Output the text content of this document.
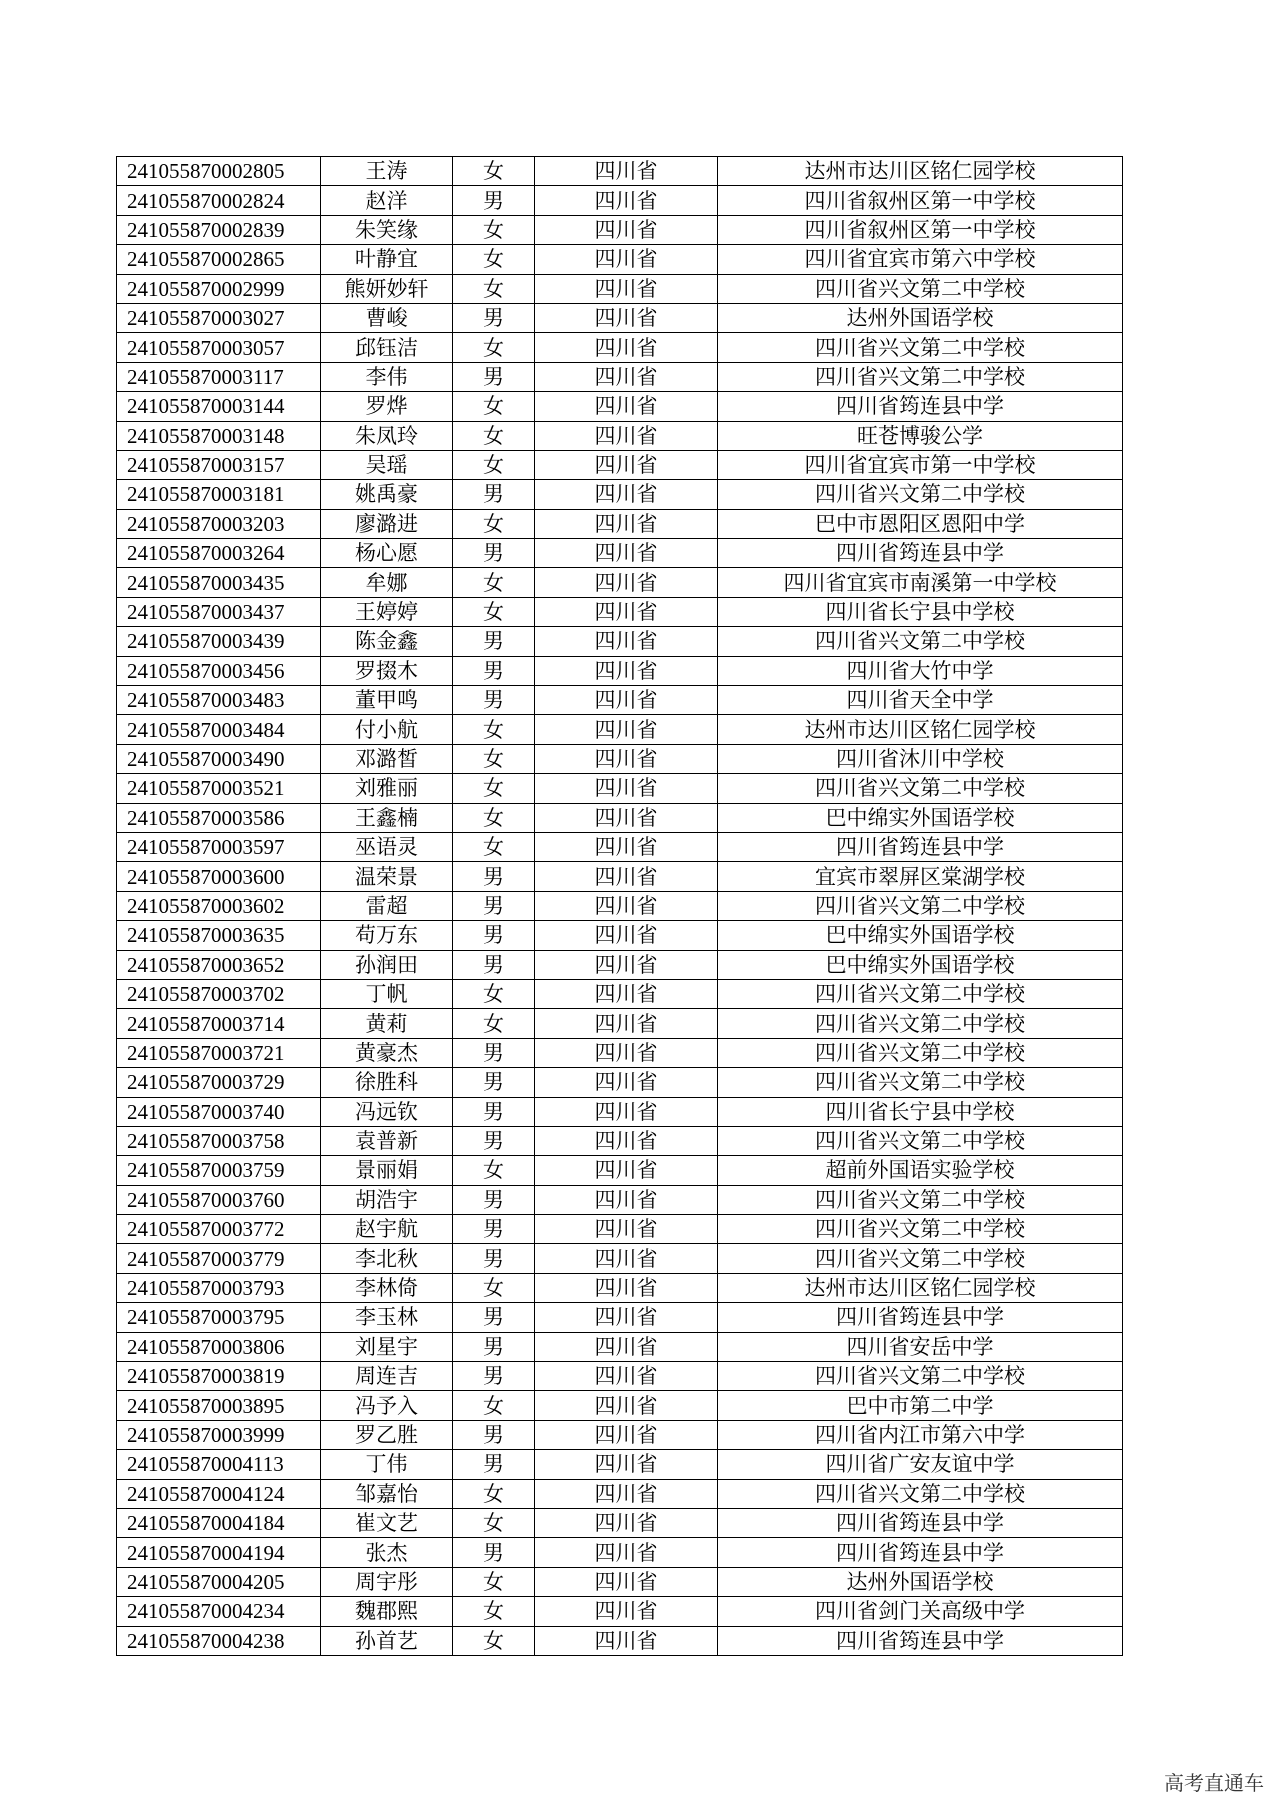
241055870002805	王涛	女	四川省	达州市达川区铭仁园学校
241055870002824	赵洋	男	四川省	四川省叙州区第一中学校
241055870002839	朱笑缘	女	四川省	四川省叙州区第一中学校
241055870002865	叶静宜	女	四川省	四川省宜宾市第六中学校
241055870002999	熊妍妙轩	女	四川省	四川省兴文第二中学校
241055870003027	曹峻	男	四川省	达州外国语学校
241055870003057	邱钰洁	女	四川省	四川省兴文第二中学校
241055870003117	李伟	男	四川省	四川省兴文第二中学校
241055870003144	罗烨	女	四川省	四川省筠连县中学
241055870003148	朱凤玲	女	四川省	旺苍博骏公学
241055870003157	吴瑶	女	四川省	四川省宜宾市第一中学校
241055870003181	姚禹豪	男	四川省	四川省兴文第二中学校
241055870003203	廖潞进	女	四川省	巴中市恩阳区恩阳中学
241055870003264	杨心愿	男	四川省	四川省筠连县中学
241055870003435	牟娜	女	四川省	四川省宜宾市南溪第一中学校
241055870003437	王婷婷	女	四川省	四川省长宁县中学校
241055870003439	陈金鑫	男	四川省	四川省兴文第二中学校
241055870003456	罗掇木	男	四川省	四川省大竹中学
241055870003483	董甲鸣	男	四川省	四川省天全中学
241055870003484	付小航	女	四川省	达州市达川区铭仁园学校
241055870003490	邓潞皙	女	四川省	四川省沐川中学校
241055870003521	刘雅丽	女	四川省	四川省兴文第二中学校
241055870003586	王鑫楠	女	四川省	巴中绵实外国语学校
241055870003597	巫语灵	女	四川省	四川省筠连县中学
241055870003600	温荣景	男	四川省	宜宾市翠屏区棠湖学校
241055870003602	雷超	男	四川省	四川省兴文第二中学校
241055870003635	苟万东	男	四川省	巴中绵实外国语学校
241055870003652	孙润田	男	四川省	巴中绵实外国语学校
241055870003702	丁帆	女	四川省	四川省兴文第二中学校
241055870003714	黄莉	女	四川省	四川省兴文第二中学校
241055870003721	黄豪杰	男	四川省	四川省兴文第二中学校
241055870003729	徐胜科	男	四川省	四川省兴文第二中学校
241055870003740	冯远钦	男	四川省	四川省长宁县中学校
241055870003758	袁普新	男	四川省	四川省兴文第二中学校
241055870003759	景丽娟	女	四川省	超前外国语实验学校
241055870003760	胡浩宇	男	四川省	四川省兴文第二中学校
241055870003772	赵宇航	男	四川省	四川省兴文第二中学校
241055870003779	李北秋	男	四川省	四川省兴文第二中学校
241055870003793	李林倚	女	四川省	达州市达川区铭仁园学校
241055870003795	李玉林	男	四川省	四川省筠连县中学
241055870003806	刘星宇	男	四川省	四川省安岳中学
241055870003819	周连吉	男	四川省	四川省兴文第二中学校
241055870003895	冯予入	女	四川省	巴中市第二中学
241055870003999	罗乙胜	男	四川省	四川省内江市第六中学
241055870004113	丁伟	男	四川省	四川省广安友谊中学
241055870004124	邹嘉怡	女	四川省	四川省兴文第二中学校
241055870004184	崔文艺	女	四川省	四川省筠连县中学
241055870004194	张杰	男	四川省	四川省筠连县中学
241055870004205	周宇彤	女	四川省	达州外国语学校
241055870004234	魏郡熙	女	四川省	四川省剑门关高级中学
241055870004238	孙首艺	女	四川省	四川省筠连县中学
高考直通车
